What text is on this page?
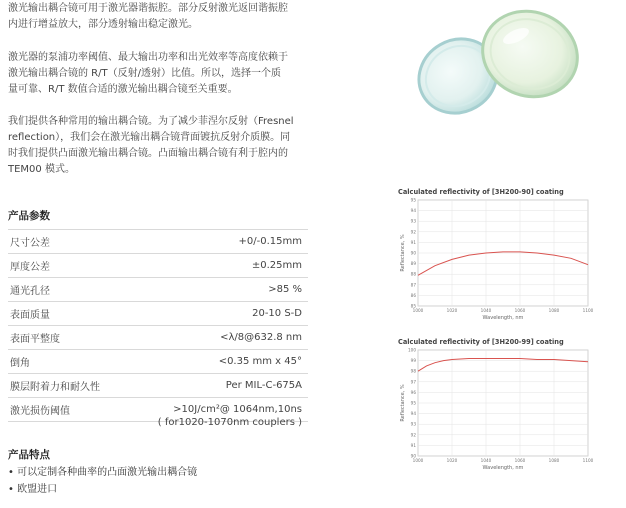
激光输出耦合镜可用于激光器谐振腔。部分反射激光返回谐振腔
内进行增益放大，部分透射输出稳定激光。

激光器的泵浦功率阈值、最大输出功率和出光效率等高度依赖于
激光输出耦合镜的 R/T（反射/透射）比值。所以，选择一个质
量可靠、R/T 数值合适的激光输出耦合镜至关重要。

我们提供各种常用的输出耦合镜。为了减少菲涅尔反射（Fresnel
reflection），我们会在激光输出耦合镜背面镀抗反射介质膜。同
时我们提供凸面激光输出耦合镜。凸面输出耦合镜有利于腔内的
TEM00 模式。

产品参数
尺寸公差	+0/-0.15mm
厚度公差	±0.25mm
通光孔径	>85 %
表面质量	20-10 S-D
表面平整度	<λ/8@632.8 nm
倒角	<0.35 mm x 45°
膜层附着力和耐久性	Per MIL-C-675A
激光损伤阈值	>10J/cm²@ 1064nm,10ns
( for1020-1070nm couplers )
产品特点
• 可以定制各种曲率的凸面激光输出耦合镜
• 欧盟进口
Calculated reflectivity of [3H200-90] coating
85
86
87
88
89
90
91
92
93
94
95
1000	1020	1040	1060	1080	1100
Wavelength, nm
Reflectance, %
Calculated reflectivity of [3H200-99] coating
90
91
92
93
94
95
96
97
98
99
100
1000	1020	1040	1060	1080	1100
Wavelength, nm
Reflectance, %
